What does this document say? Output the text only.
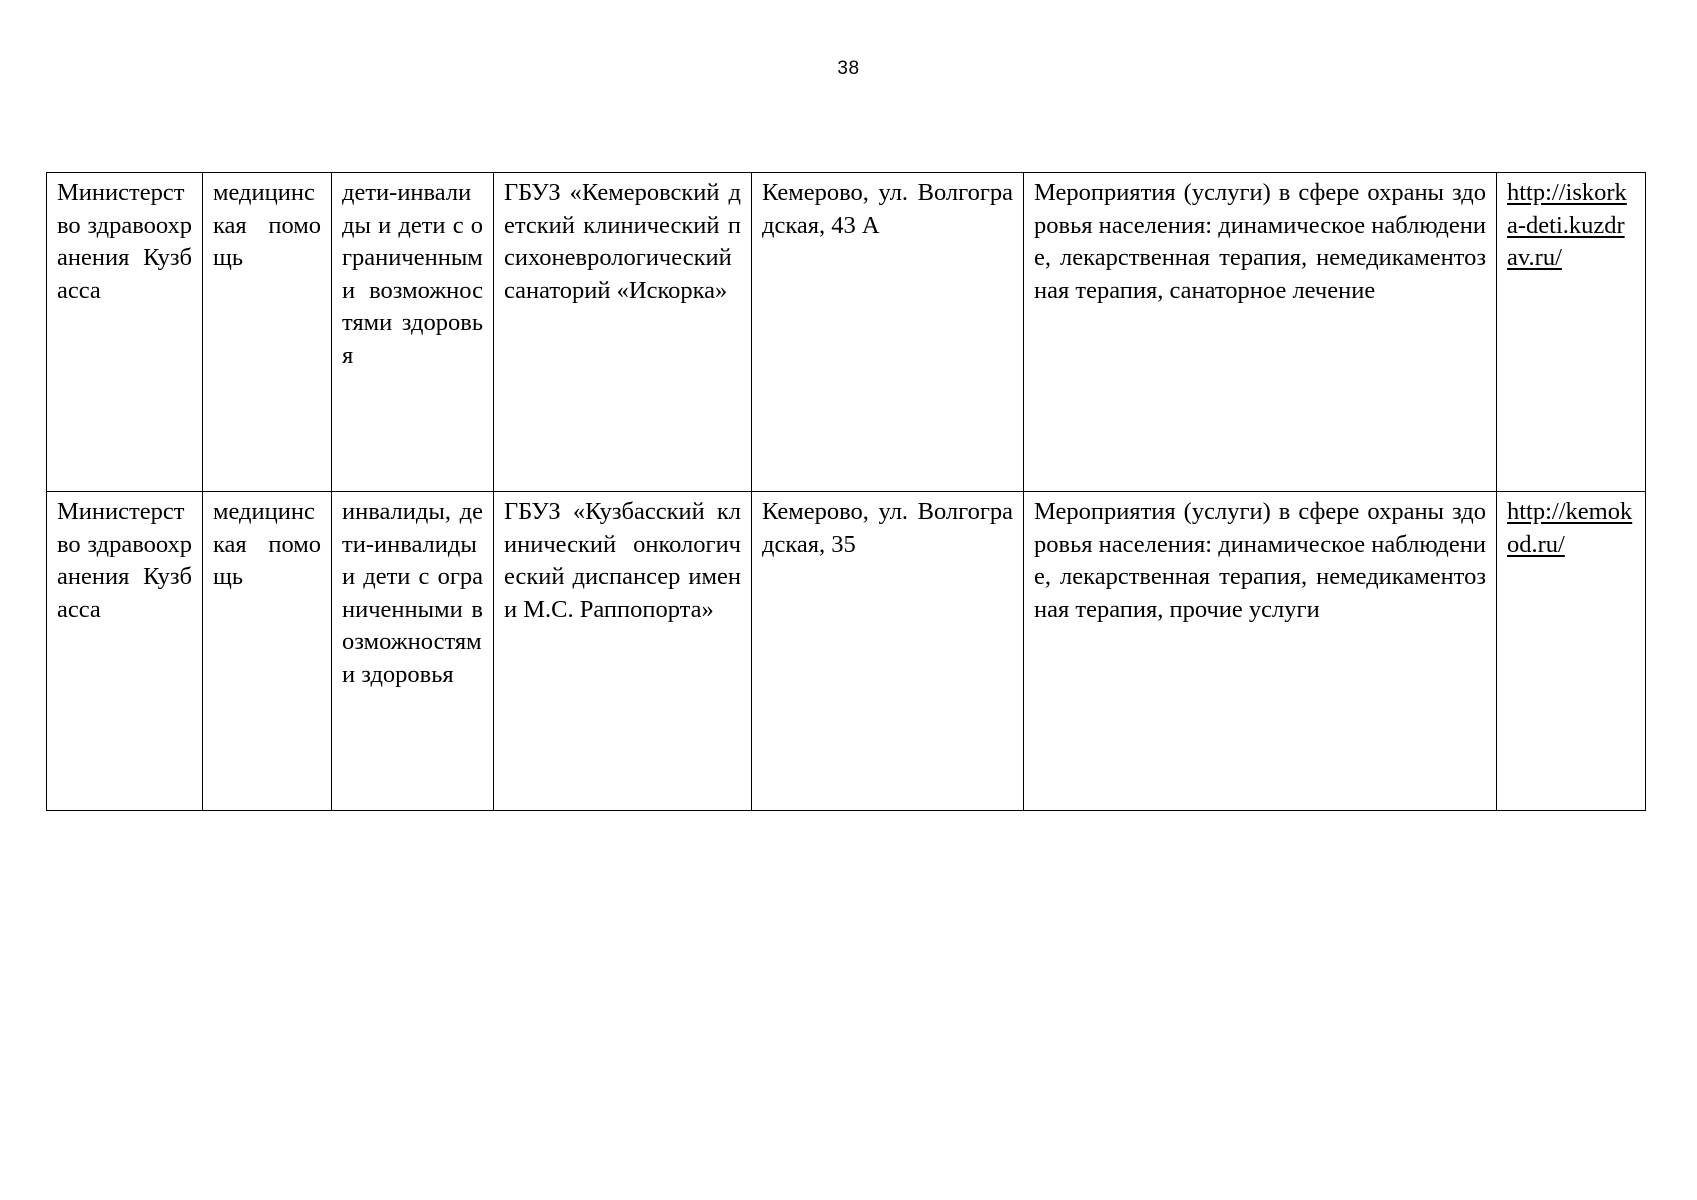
38
Министерство здравоохранения Кузбасса	медицинская помощь	дети-инвалиды и дети с ограниченными возможностями здоровья	ГБУЗ «Кемеровский детский клинический психоневрологический санаторий «Искорка»	Кемерово, ул. Волгоградская, 43 А	Мероприятия (услуги) в сфере охраны здоровья населения: динамическое наблюдение, лекарственная терапия, немедикаментозная терапия, санаторное лечение	http://iskorka-deti.kuzdrav.ru/

Министерство здравоохранения Кузбасса	медицинская помощь	инвалиды, дети-инвалиды и дети с ограниченными возможностями здоровья	ГБУЗ «Кузбасский клинический онкологический диспансер имени М.С. Раппопорта»	Кемерово, ул. Волгоградская, 35	Мероприятия (услуги) в сфере охраны здоровья населения: динамическое наблюдение, лекарственная терапия, немедикаментозная терапия, прочие услуги	http://kemokod.ru/
